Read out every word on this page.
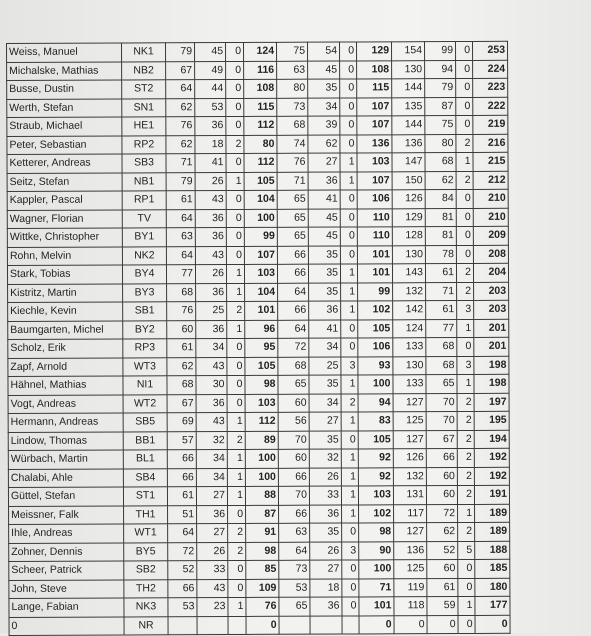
Weiss, Manuel	NK1	79	45	0	124	75	54	0	129	154	99	0	253
Michalske, Mathias	NB2	67	49	0	116	63	45	0	108	130	94	0	224
Busse, Dustin	ST2	64	44	0	108	80	35	0	115	144	79	0	223
Werth, Stefan	SN1	62	53	0	115	73	34	0	107	135	87	0	222
Straub, Michael	HE1	76	36	0	112	68	39	0	107	144	75	0	219
Peter, Sebastian	RP2	62	18	2	80	74	62	0	136	136	80	2	216
Ketterer, Andreas	SB3	71	41	0	112	76	27	1	103	147	68	1	215
Seitz, Stefan	NB1	79	26	1	105	71	36	1	107	150	62	2	212
Kappler, Pascal	RP1	61	43	0	104	65	41	0	106	126	84	0	210
Wagner, Florian	TV	64	36	0	100	65	45	0	110	129	81	0	210
Wittke, Christopher	BY1	63	36	0	99	65	45	0	110	128	81	0	209
Rohn, Melvin	NK2	64	43	0	107	66	35	0	101	130	78	0	208
Stark, Tobias	BY4	77	26	1	103	66	35	1	101	143	61	2	204
Kistritz, Martin	BY3	68	36	1	104	64	35	1	99	132	71	2	203
Kiechle, Kevin	SB1	76	25	2	101	66	36	1	102	142	61	3	203
Baumgarten, Michel	BY2	60	36	1	96	64	41	0	105	124	77	1	201
Scholz, Erik	RP3	61	34	0	95	72	34	0	106	133	68	0	201
Zapf, Arnold	WT3	62	43	0	105	68	25	3	93	130	68	3	198
Hähnel, Mathias	NI1	68	30	0	98	65	35	1	100	133	65	1	198
Vogt, Andreas	WT2	67	36	0	103	60	34	2	94	127	70	2	197
Hermann, Andreas	SB5	69	43	1	112	56	27	1	83	125	70	2	195
Lindow, Thomas	BB1	57	32	2	89	70	35	0	105	127	67	2	194
Würbach, Martin	BL1	66	34	1	100	60	32	1	92	126	66	2	192
Chalabi, Ahle	SB4	66	34	1	100	66	26	1	92	132	60	2	192
Güttel, Stefan	ST1	61	27	1	88	70	33	1	103	131	60	2	191
Meissner, Falk	TH1	51	36	0	87	66	36	1	102	117	72	1	189
Ihle, Andreas	WT1	64	27	2	91	63	35	0	98	127	62	2	189
Zohner, Dennis	BY5	72	26	2	98	64	26	3	90	136	52	5	188
Scheer, Patrick	SB2	52	33	0	85	73	27	0	100	125	60	0	185
John, Steve	TH2	66	43	0	109	53	18	0	71	119	61	0	180
Lange, Fabian	NK3	53	23	1	76	65	36	0	101	118	59	1	177
0	NR				0				0	0	0	0	0
